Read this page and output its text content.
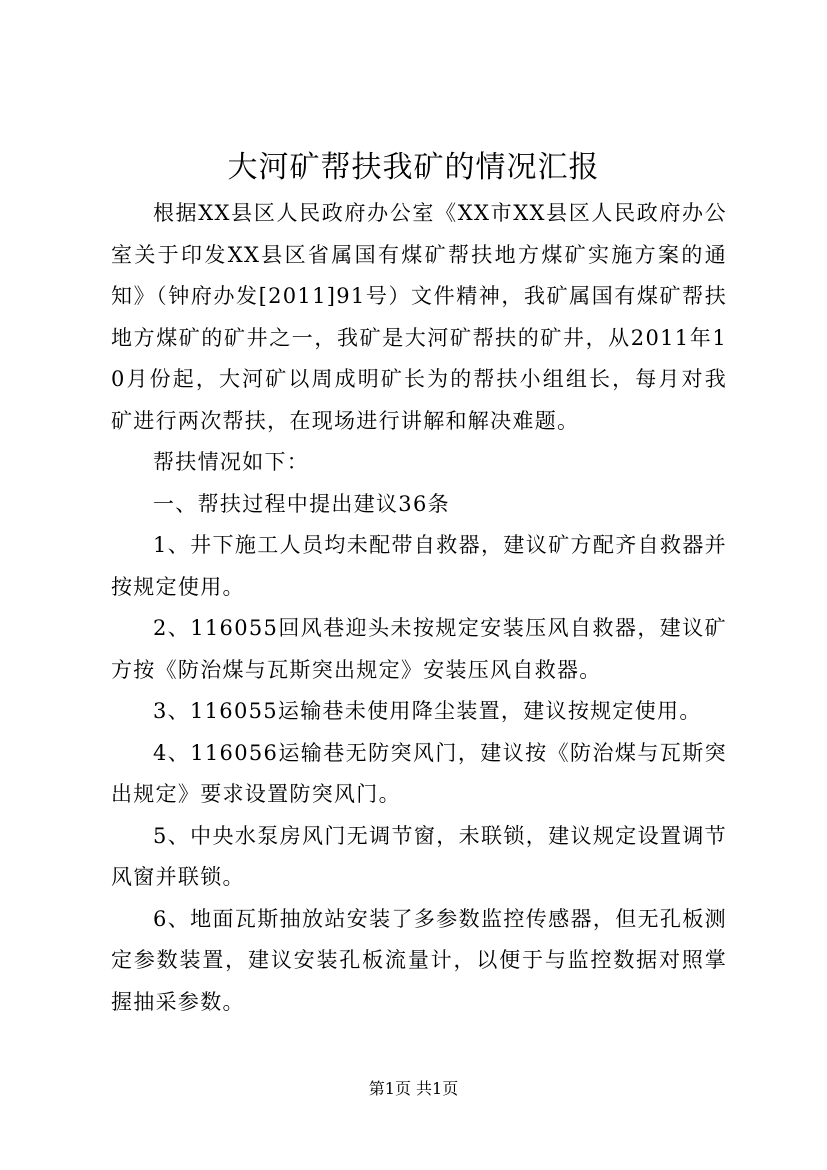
大河矿帮扶我矿的情况汇报

根据XX县区人民政府办公室《XX市XX县区人民政府办公室关于印发XX县区省属国有煤矿帮扶地方煤矿实施方案的通知》（钟府办发[2011]91号）文件精神，我矿属国有煤矿帮扶地方煤矿的矿井之一，我矿是大河矿帮扶的矿井，从2011年10月份起，大河矿以周成明矿长为的帮扶小组组长，每月对我矿进行两次帮扶，在现场进行讲解和解决难题。

帮扶情况如下：

一、帮扶过程中提出建议36条

1、井下施工人员均未配带自救器，建议矿方配齐自救器并按规定使用。

2、116055回风巷迎头未按规定安装压风自救器，建议矿方按《防治煤与瓦斯突出规定》安装压风自救器。

3、116055运输巷未使用降尘装置，建议按规定使用。

4、116056运输巷无防突风门，建议按《防治煤与瓦斯突出规定》要求设置防突风门。

5、中央水泵房风门无调节窗，未联锁，建议规定设置调节风窗并联锁。

6、地面瓦斯抽放站安装了多参数监控传感器，但无孔板测定参数装置，建议安装孔板流量计，以便于与监控数据对照掌握抽采参数。

第1页 共1页
